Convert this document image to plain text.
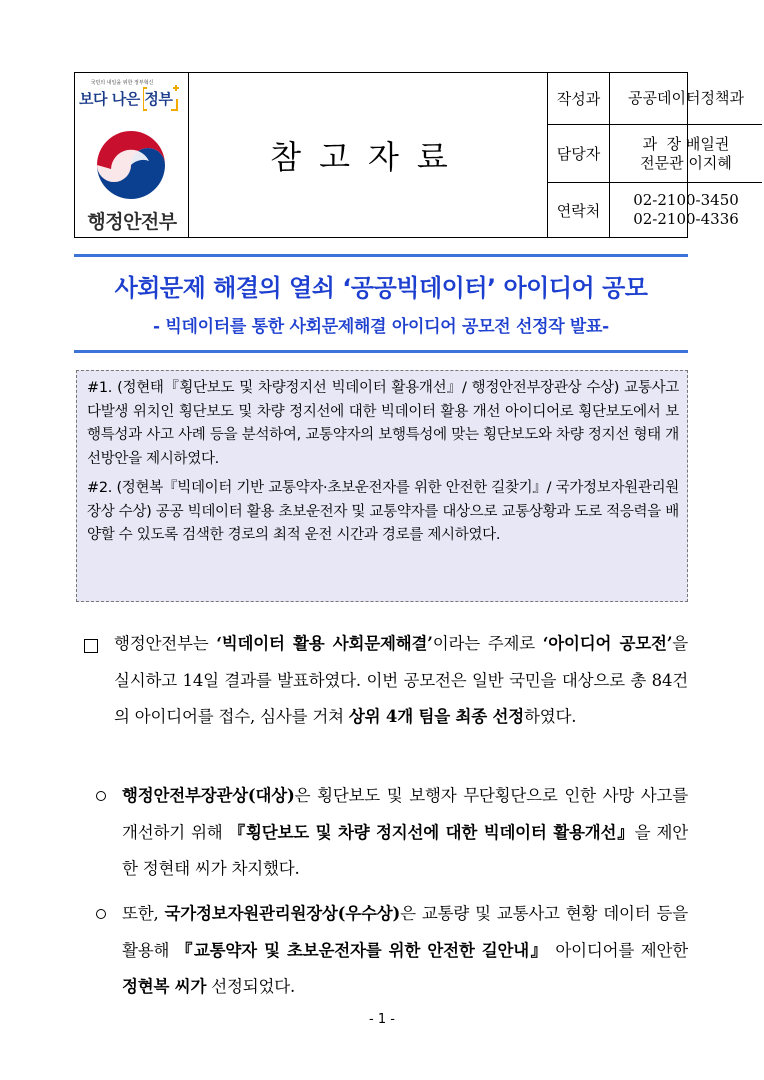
국민의 내일을 위한 정부혁신
보다 나은 정부
행정안전부
참고자료
작성과	공공데이터정책과
담당자
과  장 배일권
전문관 이지혜
연락처
02-2100-3450
02-2100-4336
사회문제 해결의 열쇠 ‘공공빅데이터’ 아이디어 공모
- 빅데이터를 통한 사회문제해결 아이디어 공모전 선정작 발표-

#1. (정현태『횡단보도 및 차량정지선 빅데이터 활용개선』/ 행정안전부장관상 수상) 교통사고 다발생 위치인 횡단보도 및 차량 정지선에 대한 빅데이터 활용 개선 아이디어로 횡단보도에서 보행특성과 사고 사례 등을 분석하여, 교통약자의 보행특성에 맞는 횡단보도와 차량 정지선 형태 개선방안을 제시하였다.

#2. (정현복『빅데이터 기반 교통약자·초보운전자를 위한 안전한 길찾기』/ 국가정보자원관리원장상 수상) 공공 빅데이터 활용 초보운전자 및 교통약자를 대상으로 교통상황과 도로 적응력을 배양할 수 있도록 검색한 경로의 최적 운전 시간과 경로를 제시하였다.

행정안전부는 ‘빅데이터 활용 사회문제해결’이라는 주제로 ‘아이디어 공모전’을 실시하고 14일 결과를 발표하였다. 이번 공모전은 일반 국민을 대상으로 총 84건의 아이디어를 접수, 심사를 거쳐 상위 4개 팀을 최종 선정하였다.
행정안전부장관상(대상)은 횡단보도 및 보행자 무단횡단으로 인한 사망 사고를 개선하기 위해 『횡단보도 및 차량 정지선에 대한 빅데이터 활용개선』을 제안한 정현태 씨가 차지했다.
또한, 국가정보자원관리원장상(우수상)은 교통량 및 교통사고 현황 데이터 등을 활용해 『교통약자 및 초보운전자를 위한 안전한 길안내』 아이디어를 제안한 정현복 씨가 선정되었다.
- 1 -
